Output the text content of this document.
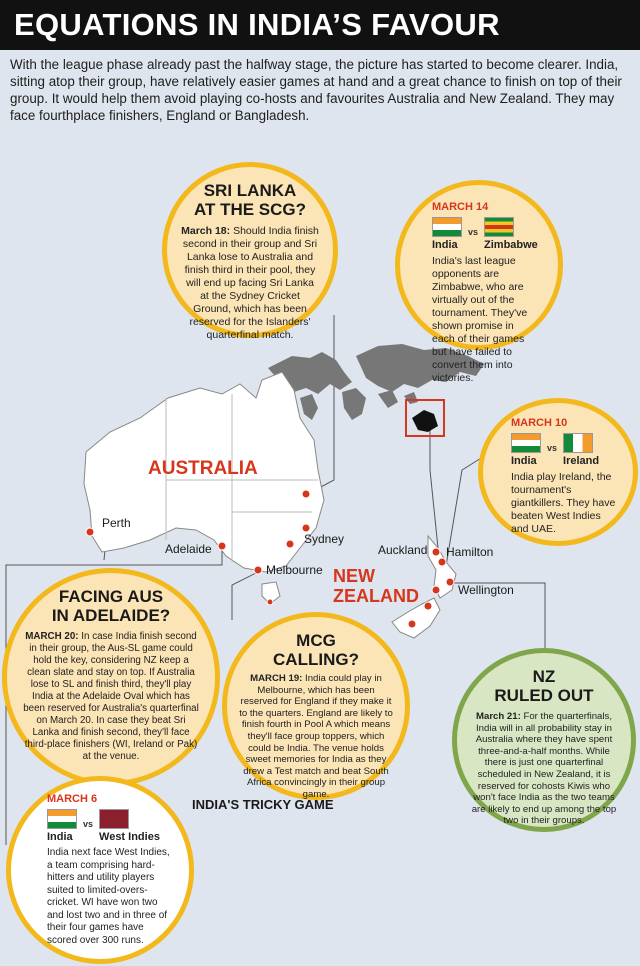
EQUATIONS IN INDIA’S FAVOUR

With the league phase already past the halfway stage, the picture has started to become clearer. India, sitting atop their group, have relatively easier games at hand and a great chance to finish on top of their group. It would help them avoid playing co-hosts and favourites Australia and New Zealand. They may face fourthplace finishers, England or Bangladesh.

AUSTRALIA
NEW
ZEALAND
Perth
Adelaide
Sydney
Melbourne
Auckland Hamilton
Wellington

SRI LANKA

AT THE SCG?

March 18: Should India finish second in their group and Sri Lanka lose to Australia and finish third in their pool, they will end up facing Sri Lanka at the Sydney Cricket Ground, which has been reserved for the Islanders' quarterfinal match.

MARCH 14
India
vs
Zimbabwe

India's last league opponents are Zimbabwe, who are virtually out of the tournament. They've shown promise in each of their games but have failed to convert them into victories.

MARCH 10
India
vs
Ireland

India play Ireland, the tournament's giantkillers. They have beaten West Indies and UAE.

FACING AUS

IN ADELAIDE?

MARCH 20: In case India finish second in their group, the Aus-SL game could hold the key, considering NZ keep a clean slate and stay on top. If Australia lose to SL and finish third, they'll play India at the Adelaide Oval which has been reserved for Australia's quarterfinal on March 20. In case they beat Sri Lanka and finish second, they'll face third-place finishers (WI, Ireland or Pak) at the venue.

MCG

CALLING?

MARCH 19: India could play in Melbourne, which has been reserved for England if they make it to the quarters. England are likely to finish fourth in Pool A which means they'll face group toppers, which could be India. The venue holds sweet memories for India as they drew a Test match and beat South Africa convincingly in their group game.

NZ

RULED OUT

March 21: For the quarterfinals, India will in all probability stay in Australia where they have spent three-and-a-half months. While there is just one quarterfinal scheduled in New Zealand, it is reserved for cohosts Kiwis who won't face India as the two teams are likely to end up among the top two in their groups.

INDIA'S TRICKY GAME
MARCH 6
India
vs
West Indies

India next face West Indies, a team comprising hard-hitters and utility players suited to limited-overs-cricket. WI have won two and lost two and in three of their four games have scored over 300 runs.
